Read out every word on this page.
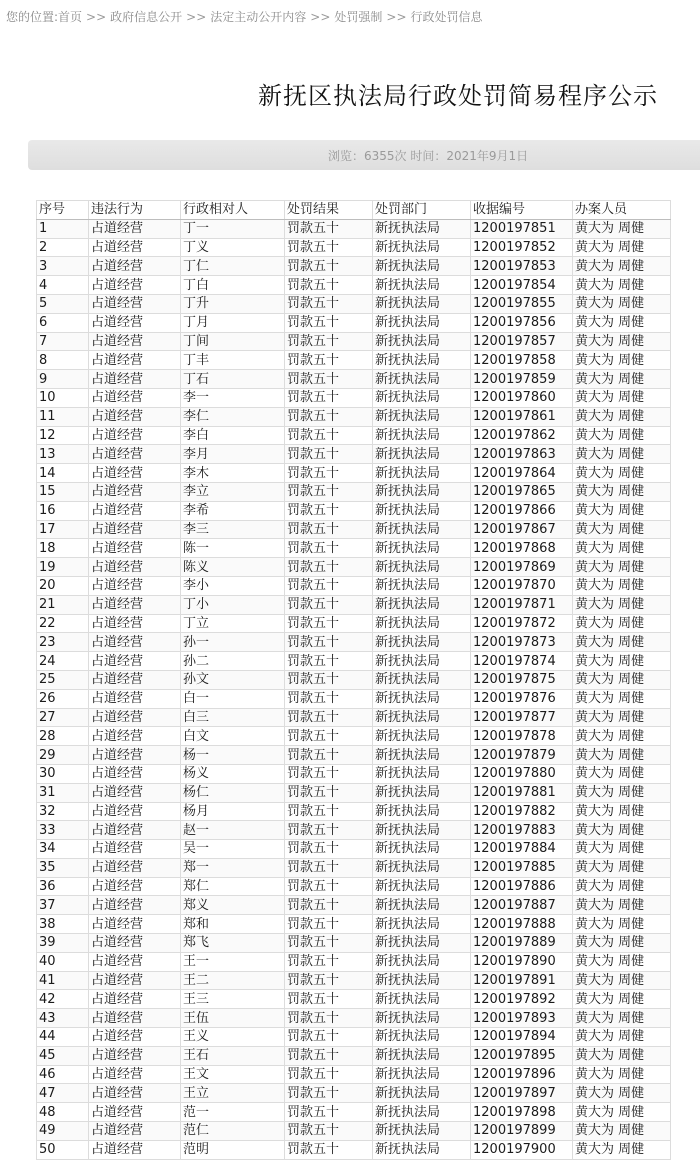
您的位置:首页 >> 政府信息公开 >> 法定主动公开内容 >> 处罚强制 >> 行政处罚信息
新抚区执法局行政处罚简易程序公示
浏览：6355次 时间：2021年9月1日
序号	违法行为	行政相对人	处罚结果	处罚部门	收据编号	办案人员
1	占道经营	丁一	罚款五十	新抚执法局	1200197851	黄大为 周健
2	占道经营	丁义	罚款五十	新抚执法局	1200197852	黄大为 周健
3	占道经营	丁仁	罚款五十	新抚执法局	1200197853	黄大为 周健
4	占道经营	丁白	罚款五十	新抚执法局	1200197854	黄大为 周健
5	占道经营	丁升	罚款五十	新抚执法局	1200197855	黄大为 周健
6	占道经营	丁月	罚款五十	新抚执法局	1200197856	黄大为 周健
7	占道经营	丁间	罚款五十	新抚执法局	1200197857	黄大为 周健
8	占道经营	丁丰	罚款五十	新抚执法局	1200197858	黄大为 周健
9	占道经营	丁石	罚款五十	新抚执法局	1200197859	黄大为 周健
10	占道经营	李一	罚款五十	新抚执法局	1200197860	黄大为 周健
11	占道经营	李仁	罚款五十	新抚执法局	1200197861	黄大为 周健
12	占道经营	李白	罚款五十	新抚执法局	1200197862	黄大为 周健
13	占道经营	李月	罚款五十	新抚执法局	1200197863	黄大为 周健
14	占道经营	李木	罚款五十	新抚执法局	1200197864	黄大为 周健
15	占道经营	李立	罚款五十	新抚执法局	1200197865	黄大为 周健
16	占道经营	李希	罚款五十	新抚执法局	1200197866	黄大为 周健
17	占道经营	李三	罚款五十	新抚执法局	1200197867	黄大为 周健
18	占道经营	陈一	罚款五十	新抚执法局	1200197868	黄大为 周健
19	占道经营	陈义	罚款五十	新抚执法局	1200197869	黄大为 周健
20	占道经营	李小	罚款五十	新抚执法局	1200197870	黄大为 周健
21	占道经营	丁小	罚款五十	新抚执法局	1200197871	黄大为 周健
22	占道经营	丁立	罚款五十	新抚执法局	1200197872	黄大为 周健
23	占道经营	孙一	罚款五十	新抚执法局	1200197873	黄大为 周健
24	占道经营	孙二	罚款五十	新抚执法局	1200197874	黄大为 周健
25	占道经营	孙文	罚款五十	新抚执法局	1200197875	黄大为 周健
26	占道经营	白一	罚款五十	新抚执法局	1200197876	黄大为 周健
27	占道经营	白三	罚款五十	新抚执法局	1200197877	黄大为 周健
28	占道经营	白文	罚款五十	新抚执法局	1200197878	黄大为 周健
29	占道经营	杨一	罚款五十	新抚执法局	1200197879	黄大为 周健
30	占道经营	杨义	罚款五十	新抚执法局	1200197880	黄大为 周健
31	占道经营	杨仁	罚款五十	新抚执法局	1200197881	黄大为 周健
32	占道经营	杨月	罚款五十	新抚执法局	1200197882	黄大为 周健
33	占道经营	赵一	罚款五十	新抚执法局	1200197883	黄大为 周健
34	占道经营	吴一	罚款五十	新抚执法局	1200197884	黄大为 周健
35	占道经营	郑一	罚款五十	新抚执法局	1200197885	黄大为 周健
36	占道经营	郑仁	罚款五十	新抚执法局	1200197886	黄大为 周健
37	占道经营	郑义	罚款五十	新抚执法局	1200197887	黄大为 周健
38	占道经营	郑和	罚款五十	新抚执法局	1200197888	黄大为 周健
39	占道经营	郑飞	罚款五十	新抚执法局	1200197889	黄大为 周健
40	占道经营	王一	罚款五十	新抚执法局	1200197890	黄大为 周健
41	占道经营	王二	罚款五十	新抚执法局	1200197891	黄大为 周健
42	占道经营	王三	罚款五十	新抚执法局	1200197892	黄大为 周健
43	占道经营	王伍	罚款五十	新抚执法局	1200197893	黄大为 周健
44	占道经营	王义	罚款五十	新抚执法局	1200197894	黄大为 周健
45	占道经营	王石	罚款五十	新抚执法局	1200197895	黄大为 周健
46	占道经营	王文	罚款五十	新抚执法局	1200197896	黄大为 周健
47	占道经营	王立	罚款五十	新抚执法局	1200197897	黄大为 周健
48	占道经营	范一	罚款五十	新抚执法局	1200197898	黄大为 周健
49	占道经营	范仁	罚款五十	新抚执法局	1200197899	黄大为 周健
50	占道经营	范明	罚款五十	新抚执法局	1200197900	黄大为 周健
